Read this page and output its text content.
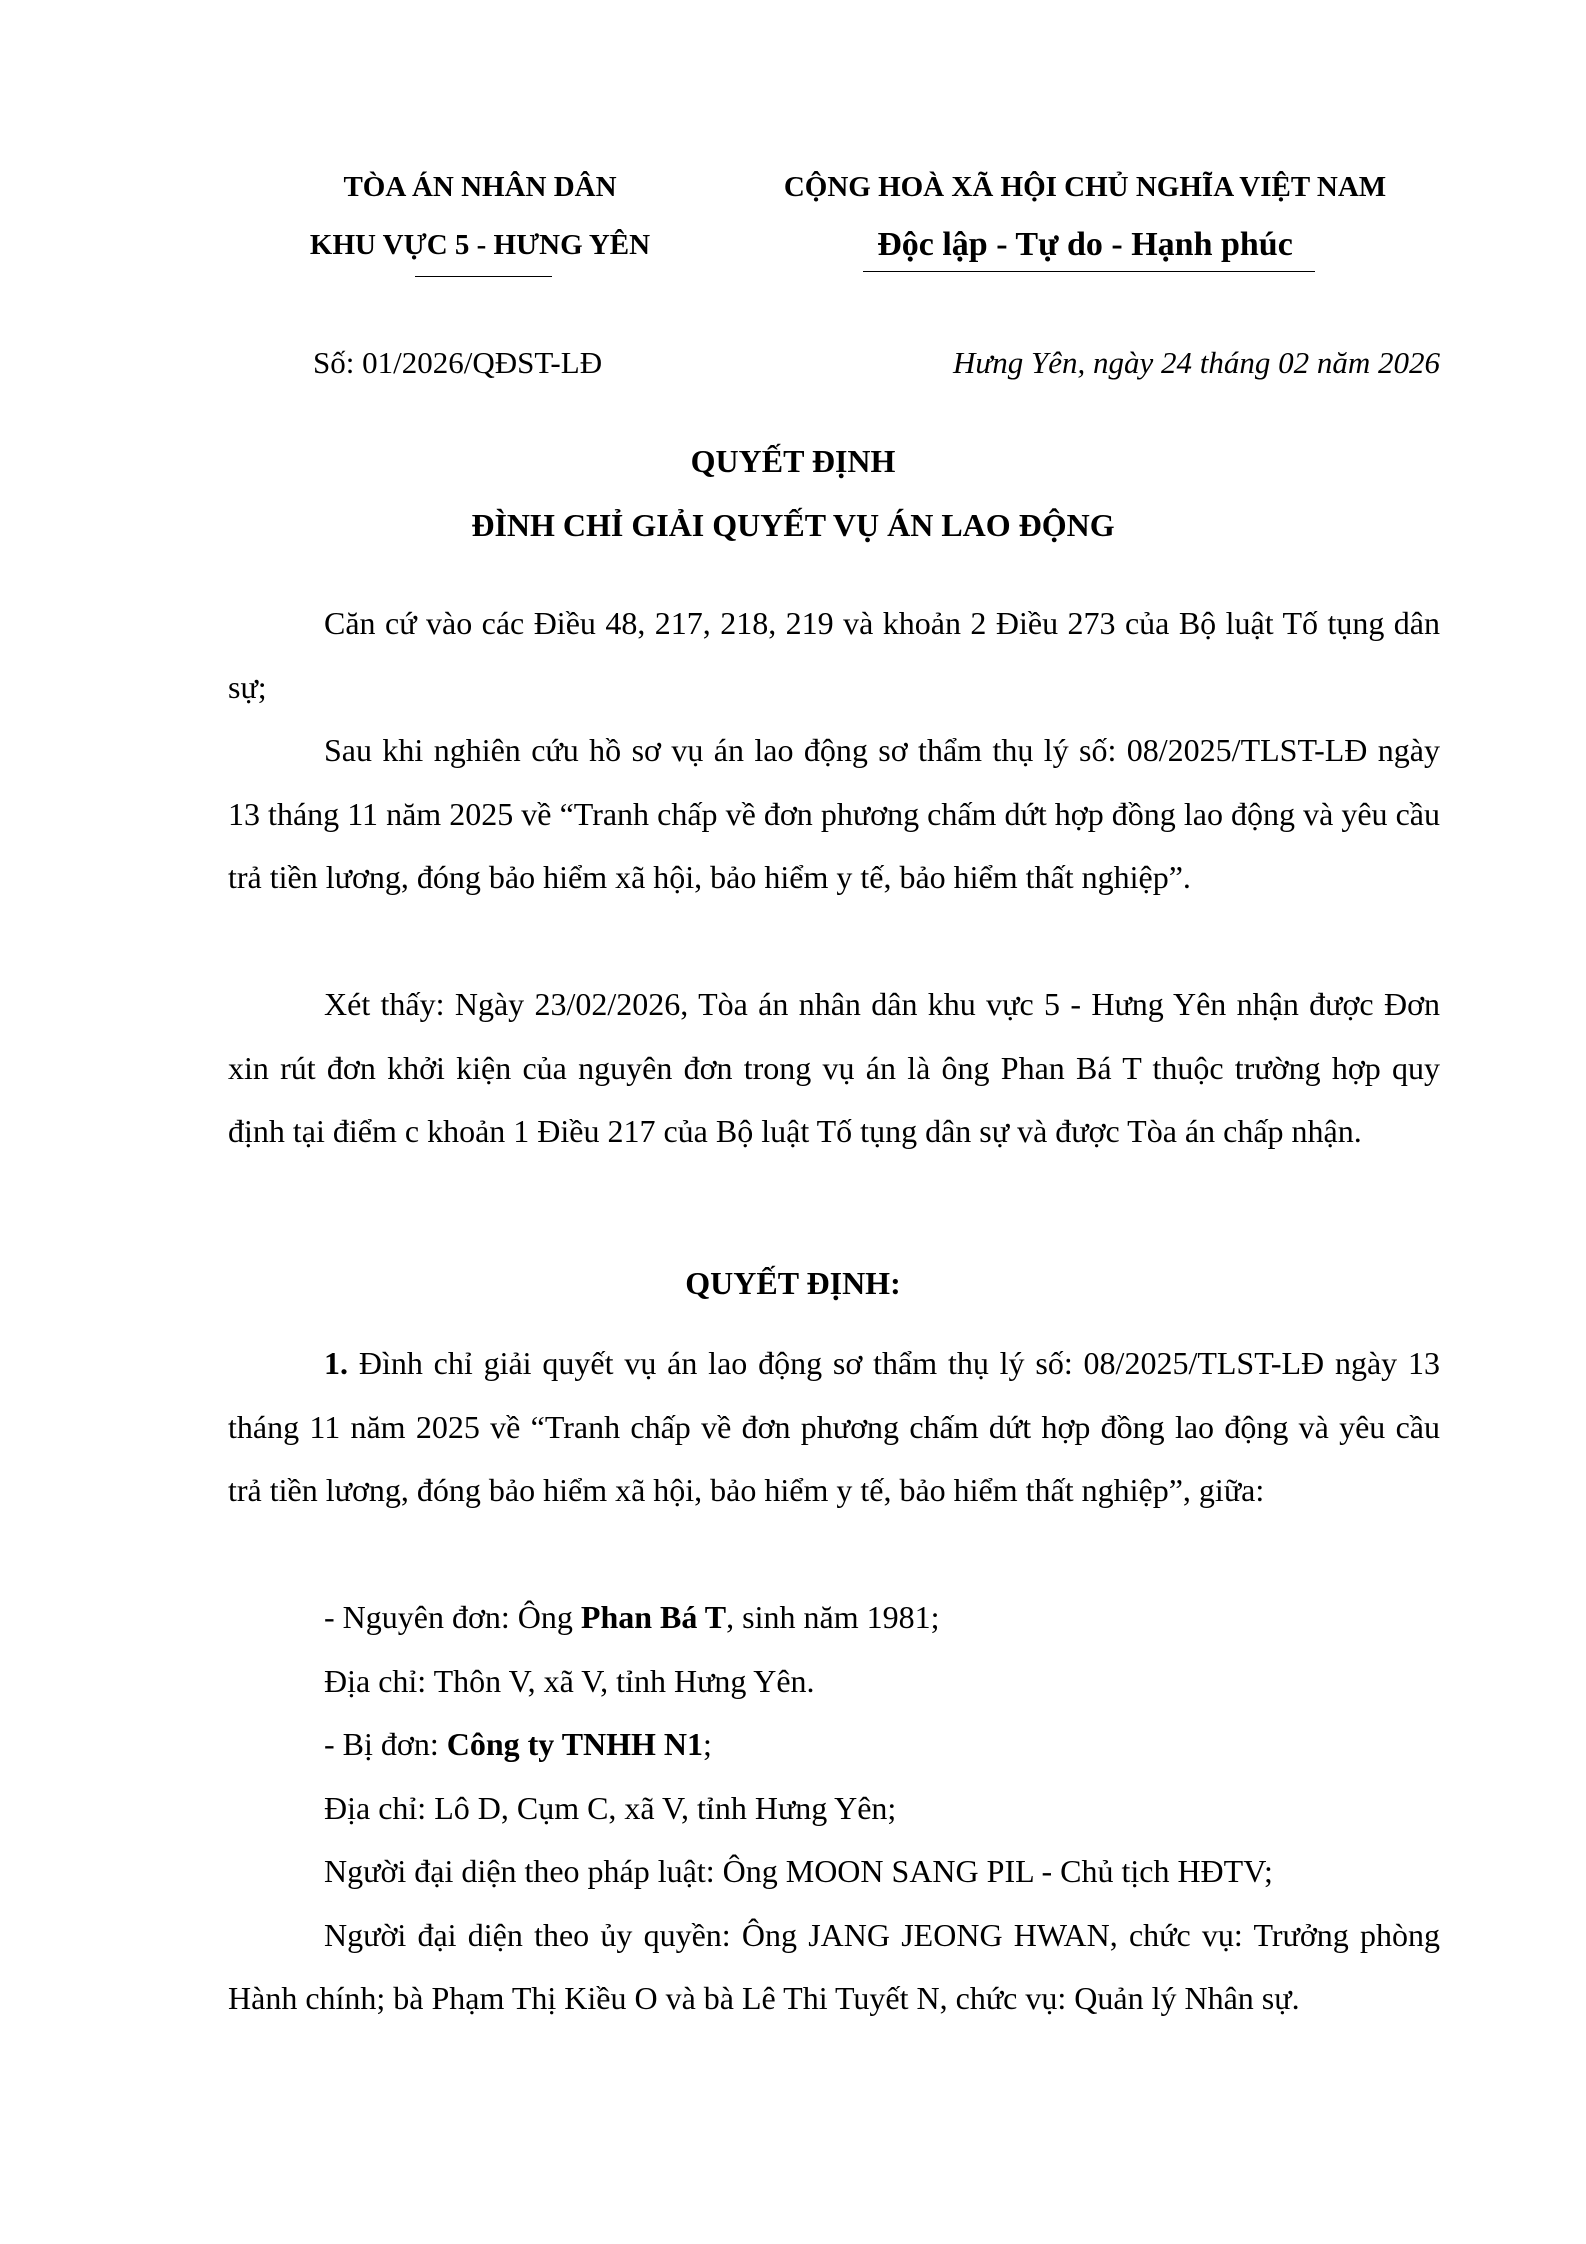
TÒA ÁN NHÂN DÂN
KHU VỰC 5 - HƯNG YÊN
CỘNG HOÀ XÃ HỘI CHỦ NGHĨA VIỆT NAM
Độc lập - Tự do - Hạnh phúc
Số: 01/2026/QĐST-LĐ	Hưng Yên, ngày 24 tháng 02 năm 2026
QUYẾT ĐỊNH
ĐÌNH CHỈ GIẢI QUYẾT VỤ ÁN LAO ĐỘNG

Căn cứ vào các Điều 48, 217, 218, 219 và khoản 2 Điều 273 của Bộ luật Tố tụng dân sự;

Sau khi nghiên cứu hồ sơ vụ án lao động sơ thẩm thụ lý số: 08/2025/TLST-LĐ ngày 13 tháng 11 năm 2025 về “Tranh chấp về đơn phương chấm dứt hợp đồng lao động và yêu cầu trả tiền lương, đóng bảo hiểm xã hội, bảo hiểm y tế, bảo hiểm thất nghiệp”.

Xét thấy: Ngày 23/02/2026, Tòa án nhân dân khu vực 5 - Hưng Yên nhận được Đơn xin rút đơn khởi kiện của nguyên đơn trong vụ án là ông Phan Bá T thuộc trường hợp quy định tại điểm c khoản 1 Điều 217 của Bộ luật Tố tụng dân sự và được Tòa án chấp nhận.

QUYẾT ĐỊNH:

1. Đình chỉ giải quyết vụ án lao động sơ thẩm thụ lý số: 08/2025/TLST-LĐ ngày 13 tháng 11 năm 2025 về “Tranh chấp về đơn phương chấm dứt hợp đồng lao động và yêu cầu trả tiền lương, đóng bảo hiểm xã hội, bảo hiểm y tế, bảo hiểm thất nghiệp”, giữa:

- Nguyên đơn: Ông Phan Bá T, sinh năm 1981;

Địa chỉ: Thôn V, xã V, tỉnh Hưng Yên.

- Bị đơn: Công ty TNHH N1;

Địa chỉ: Lô D, Cụm C, xã V, tỉnh Hưng Yên;

Người đại diện theo pháp luật: Ông MOON SANG PIL - Chủ tịch HĐTV;

Người đại diện theo ủy quyền: Ông JANG JEONG HWAN, chức vụ: Trưởng phòng Hành chính; bà Phạm Thị Kiều O và bà Lê Thi Tuyết N, chức vụ: Quản lý Nhân sự.
